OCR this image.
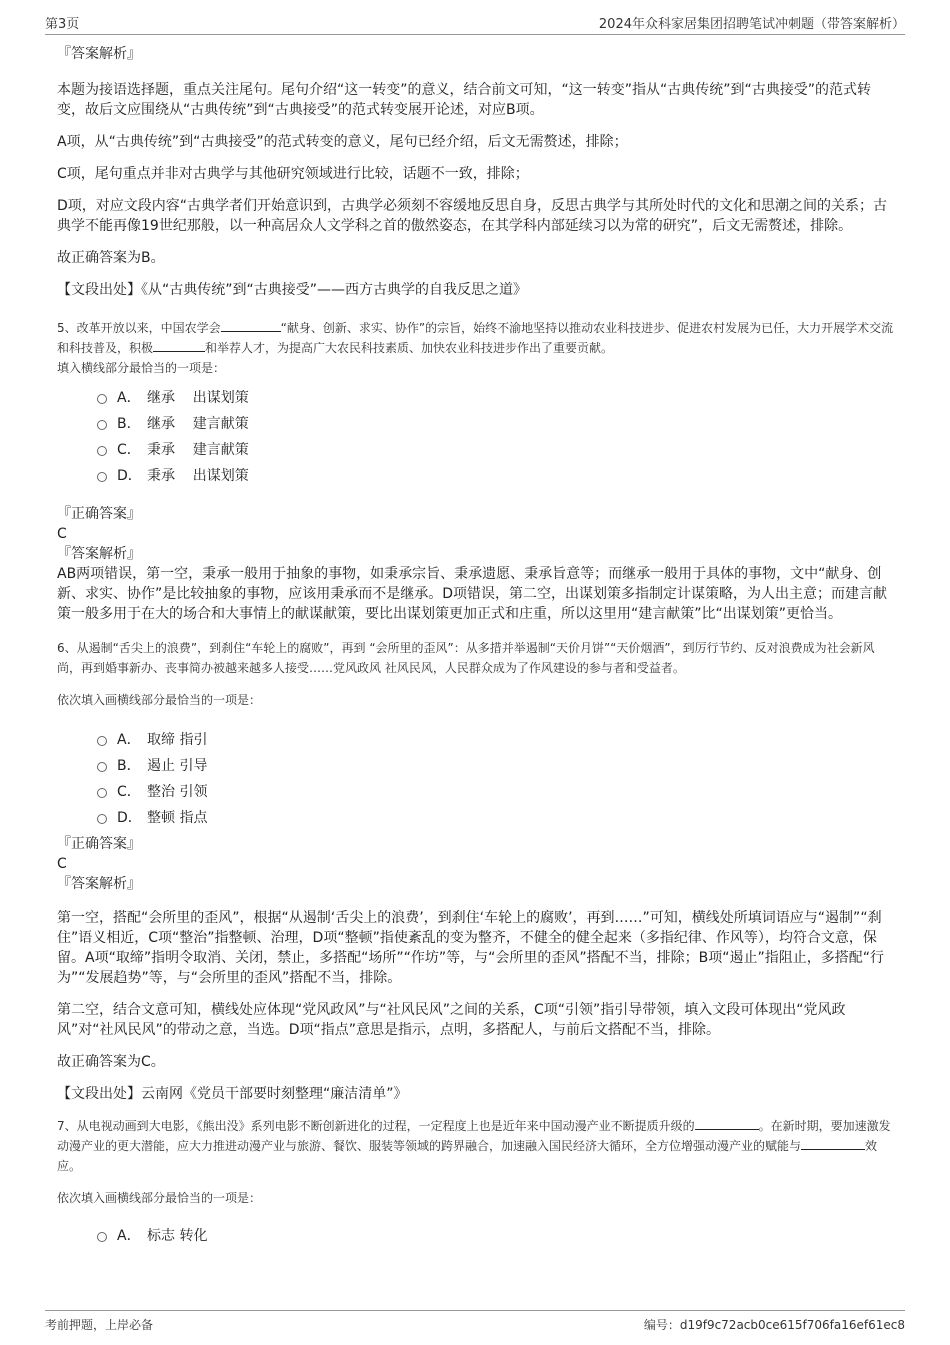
第3页	2024年众科家居集团招聘笔试冲刺题（带答案解析）

『答案解析』

本题为接语选择题，重点关注尾句。尾句介绍“这一转变”的意义，结合前文可知，“这一转变”指从“古典传统”到“古典接受”的范式转变，故后文应围绕从“古典传统”到“古典接受”的范式转变展开论述，对应B项。

A项，从“古典传统”到“古典接受”的范式转变的意义，尾句已经介绍，后文无需赘述，排除；

C项，尾句重点并非对古典学与其他研究领域进行比较，话题不一致，排除；

D项，对应文段内容“古典学者们开始意识到，古典学必须刻不容缓地反思自身，反思古典学与其所处时代的文化和思潮之间的关系；古典学不能再像19世纪那般，以一种高居众人文学科之首的傲然姿态，在其学科内部延续习以为常的研究”，后文无需赘述，排除。

故正确答案为B。

【文段出处】《从“古典传统”到“古典接受”——西方古典学的自我反思之道》

5、改革开放以来，中国农学会	“献身、创新、求实、协作”的宗旨，始终不渝地坚持以推动农业科技进步、促进农村发展为已任，大力开展学术交流和科技普及，积极	和举荐人才，为提高广大农民科技素质、加快农业科技进步作出了重要贡献。

填入横线部分最恰当的一项是：

A． 继承    出谋划策
B． 继承    建言献策
C． 秉承    建言献策
D． 秉承    出谋划策

『正确答案』

C

『答案解析』

AB两项错误，第一空，秉承一般用于抽象的事物，如秉承宗旨、秉承遗愿、秉承旨意等；而继承一般用于具体的事物，文中“献身、创新、求实、协作”是比较抽象的事物，应该用秉承而不是继承。D项错误，第二空，出谋划策多指制定计谋策略，为人出主意；而建言献策一般多用于在大的场合和大事情上的献谋献策，要比出谋划策更加正式和庄重，所以这里用“建言献策”比“出谋划策”更恰当。

6、从遏制“舌尖上的浪费”，到刹住“车轮上的腐败”，再到 “会所里的歪风”：从多措并举遏制“天价月饼”“天价烟酒”，到厉行节约、反对浪费成为社会新风尚，再到婚事新办、丧事简办被越来越多人接受……党风政风 社风民风，人民群众成为了作风建设的参与者和受益者。

依次填入画横线部分最恰当的一项是：

A． 取缔 指引
B． 遏止 引导
C． 整治 引领
D． 整顿 指点

『正确答案』

C

『答案解析』

第一空，搭配“会所里的歪风”，根据“从遏制‘舌尖上的浪费’，到刹住‘车轮上的腐败’，再到……”可知，横线处所填词语应与“遏制”“刹住”语义相近，C项“整治”指整顿、治理，D项“整顿”指使紊乱的变为整齐，不健全的健全起来（多指纪律、作风等），均符合文意，保留。A项“取缔”指明令取消、关闭，禁止，多搭配“场所”“作坊”等，与“会所里的歪风”搭配不当，排除；B项“遏止”指阻止，多搭配“行为”“发展趋势”等，与“会所里的歪风”搭配不当，排除。

第二空，结合文意可知，横线处应体现“党风政风”与“社风民风”之间的关系，C项“引领”指引导带领，填入文段可体现出“党风政风”对“社风民风”的带动之意，当选。D项“指点”意思是指示，点明，多搭配人，与前后文搭配不当，排除。

故正确答案为C。

【文段出处】云南网《党员干部要时刻整理“廉洁清单”》

7、从电视动画到大电影，《熊出没》系列电影不断创新进化的过程，一定程度上也是近年来中国动漫产业不断提质升级的	。在新时期，要加速激发动漫产业的更大潜能，应大力推进动漫产业与旅游、餐饮、服装等领域的跨界融合，加速融入国民经济大循环，全方位增强动漫产业的赋能与	效应。

依次填入画横线部分最恰当的一项是：

A． 标志 转化
考前押题，上岸必备	编号：d19f9c72acb0ce615f706fa16ef61ec8
